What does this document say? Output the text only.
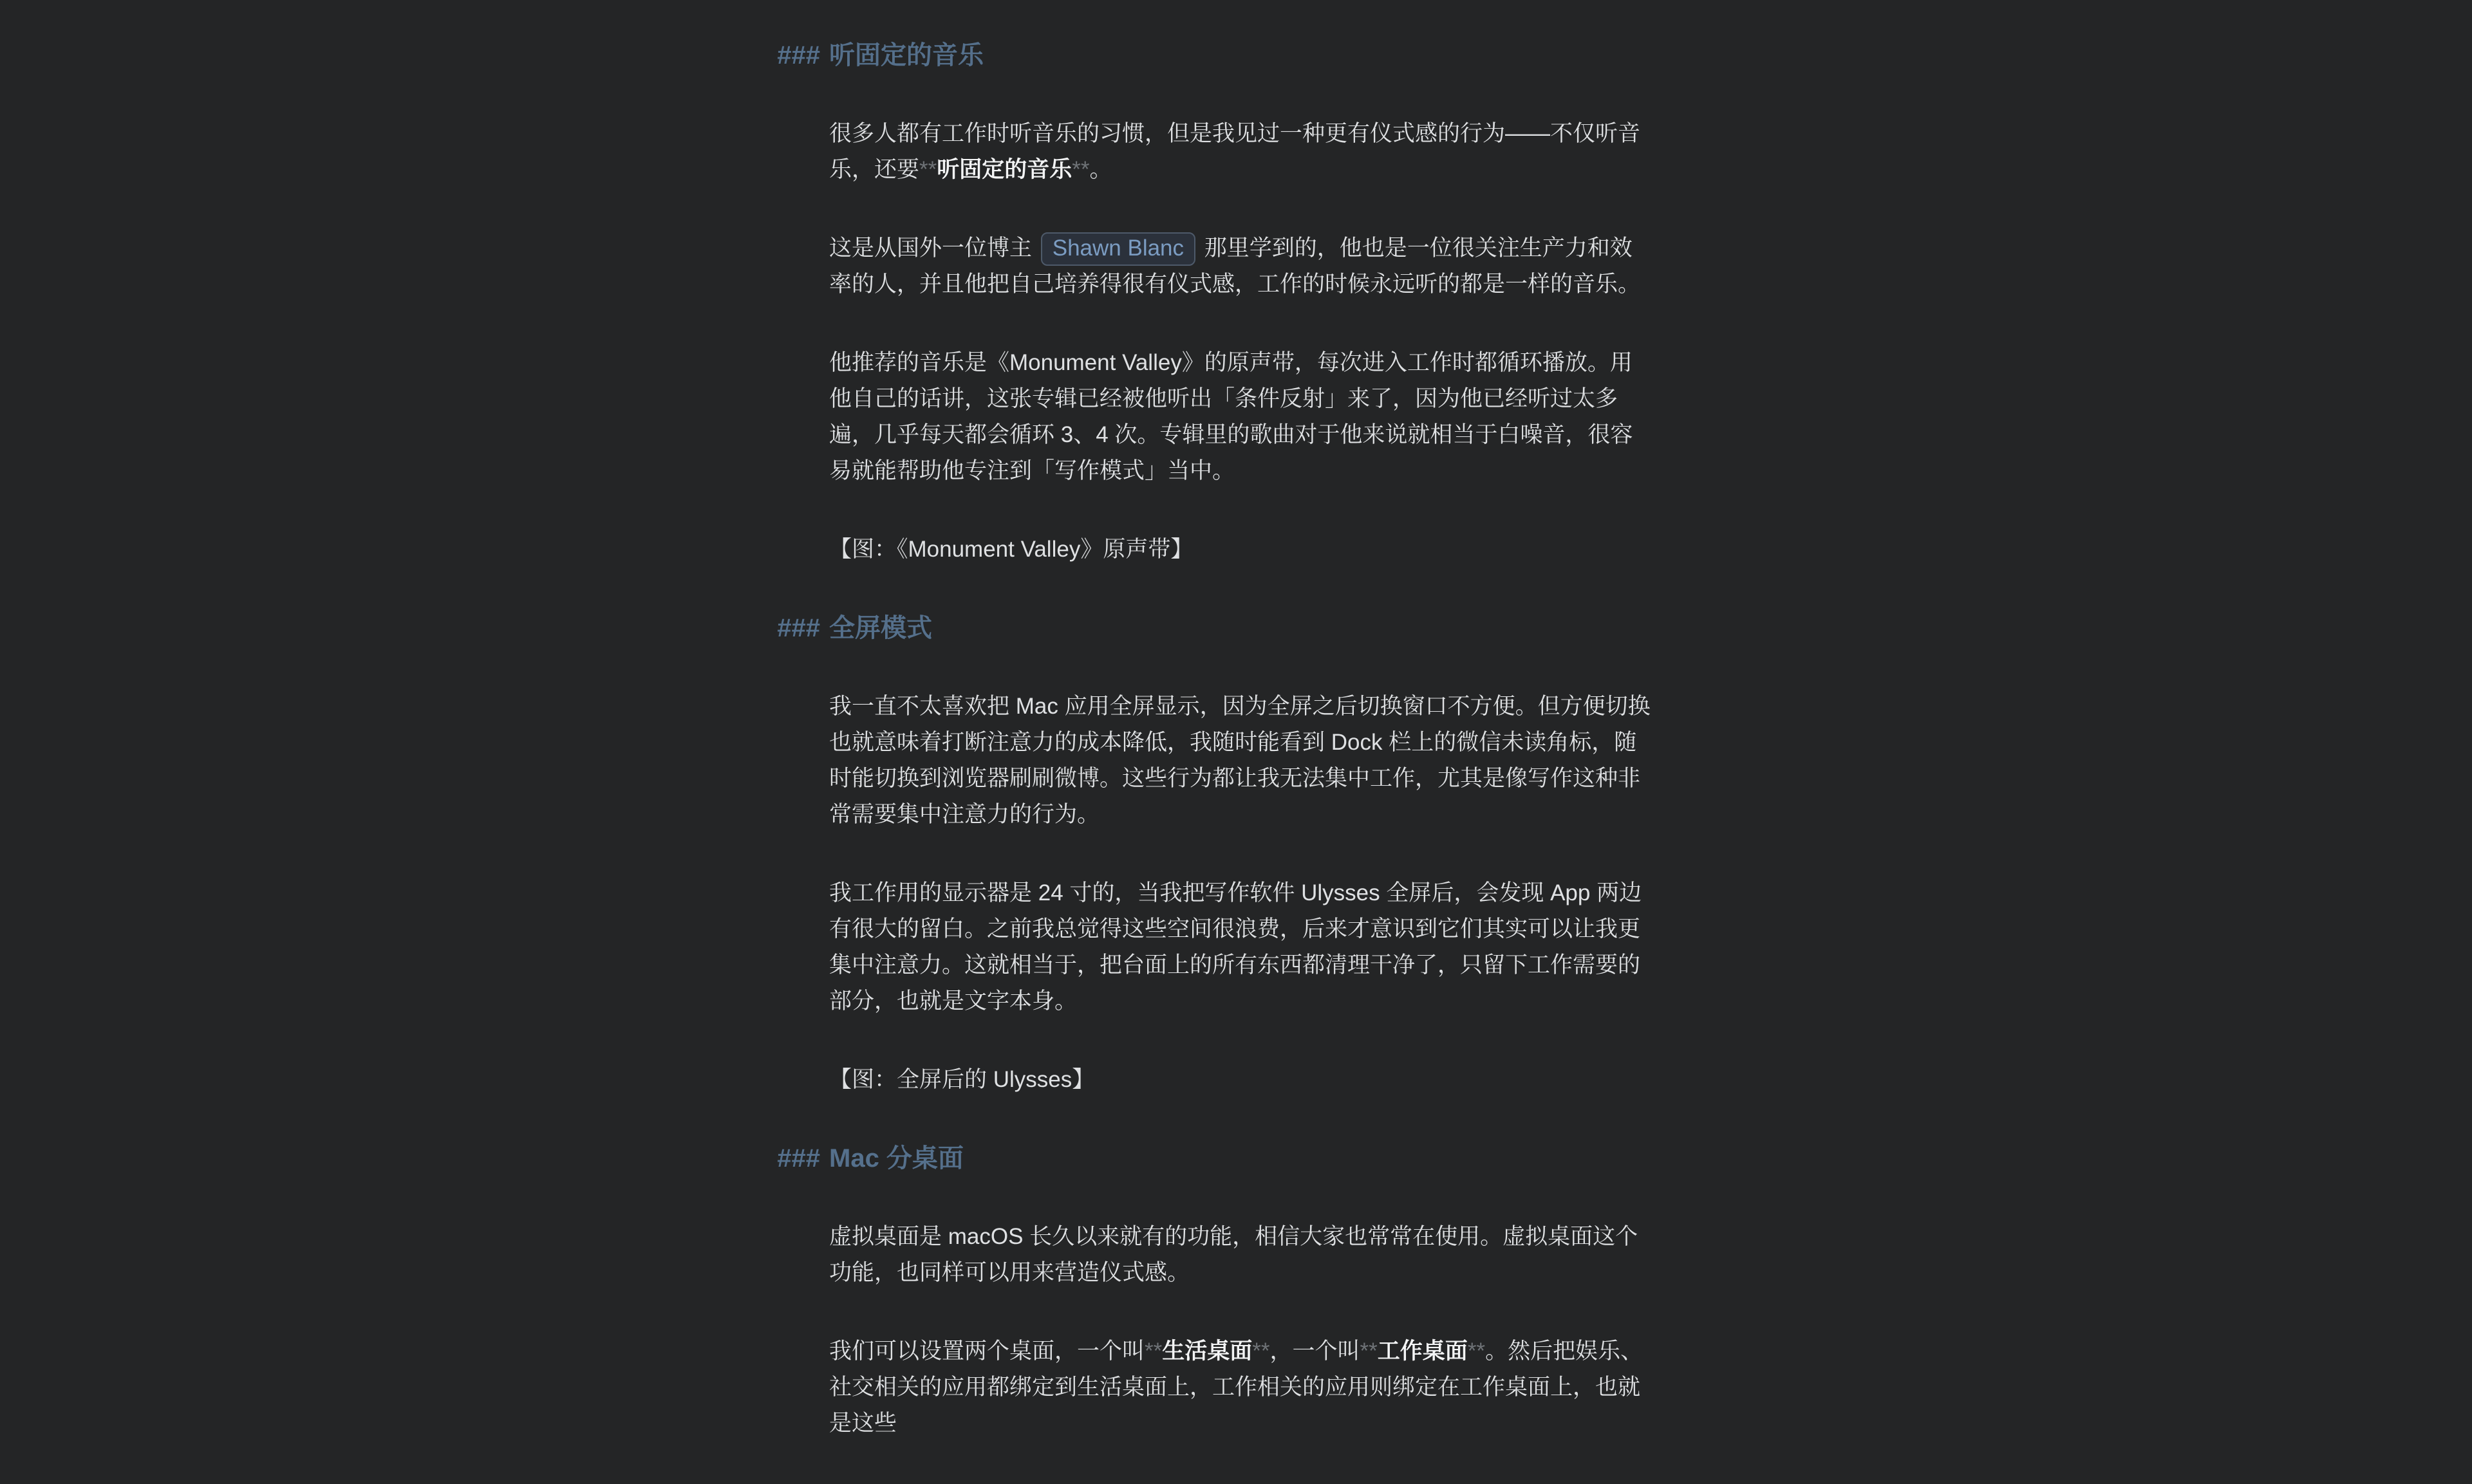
### 听固定的音乐

很多人都有工作时听音乐的习惯，但是我见过一种更有仪式感的行为——不仅听音乐，还要**听固定的音乐**。

这是从国外一位博主 Shawn Blanc 那里学到的，他也是一位很关注生产力和效率的人，并且他把自己培养得很有仪式感，工作的时候永远听的都是一样的音乐。

他推荐的音乐是《Monument Valley》的原声带，每次进入工作时都循环播放。用他自己的话讲，这张专辑已经被他听出「条件反射」来了，因为他已经听过太多遍，几乎每天都会循环 3、4 次。专辑里的歌曲对于他来说就相当于白噪音，很容易就能帮助他专注到「写作模式」当中。

【图：《Monument Valley》原声带】

### 全屏模式

我一直不太喜欢把 Mac 应用全屏显示，因为全屏之后切换窗口不方便。但方便切换也就意味着打断注意力的成本降低，我随时能看到 Dock 栏上的微信未读角标，随时能切换到浏览器刷刷微博。这些行为都让我无法集中工作，尤其是像写作这种非常需要集中注意力的行为。

我工作用的显示器是 24 寸的，当我把写作软件 Ulysses 全屏后，会发现 App 两边有很大的留白。之前我总觉得这些空间很浪费，后来才意识到它们其实可以让我更集中注意力。这就相当于，把台面上的所有东西都清理干净了，只留下工作需要的部分，也就是文字本身。

【图：全屏后的 Ulysses】

### Mac 分桌面

虚拟桌面是 macOS 长久以来就有的功能，相信大家也常常在使用。虚拟桌面这个功能，也同样可以用来营造仪式感。

我们可以设置两个桌面，一个叫**生活桌面**，一个叫**工作桌面**。然后把娱乐、社交相关的应用都绑定到生活桌面上，工作相关的应用则绑定在工作桌面上，也就是这些
